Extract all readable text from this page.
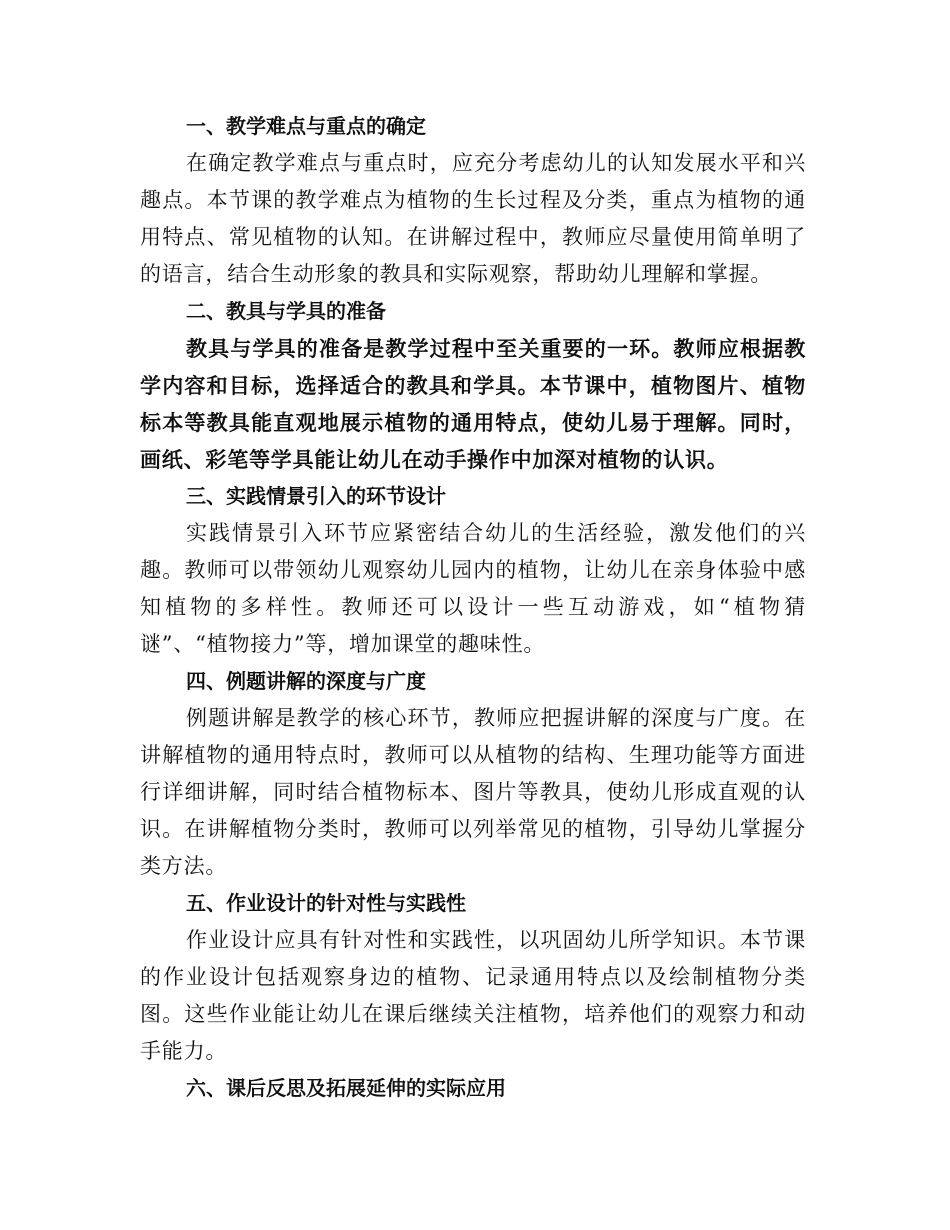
一、教学难点与重点的确定

在确定教学难点与重点时，应充分考虑幼儿的认知发展水平和兴趣点。本节课的教学难点为植物的生长过程及分类，重点为植物的通用特点、常见植物的认知。在讲解过程中，教师应尽量使用简单明了的语言，结合生动形象的教具和实际观察，帮助幼儿理解和掌握。

二、教具与学具的准备

教具与学具的准备是教学过程中至关重要的一环。教师应根据教学内容和目标，选择适合的教具和学具。本节课中，植物图片、植物标本等教具能直观地展示植物的通用特点，使幼儿易于理解。同时，画纸、彩笔等学具能让幼儿在动手操作中加深对植物的认识。

三、实践情景引入的环节设计

实践情景引入环节应紧密结合幼儿的生活经验，激发他们的兴趣。教师可以带领幼儿观察幼儿园内的植物，让幼儿在亲身体验中感知植物的多样性。教师还可以设计一些互动游戏，如“植物猜谜”、“植物接力”等，增加课堂的趣味性。

四、例题讲解的深度与广度

例题讲解是教学的核心环节，教师应把握讲解的深度与广度。在讲解植物的通用特点时，教师可以从植物的结构、生理功能等方面进行详细讲解，同时结合植物标本、图片等教具，使幼儿形成直观的认识。在讲解植物分类时，教师可以列举常见的植物，引导幼儿掌握分类方法。

五、作业设计的针对性与实践性

作业设计应具有针对性和实践性，以巩固幼儿所学知识。本节课的作业设计包括观察身边的植物、记录通用特点以及绘制植物分类图。这些作业能让幼儿在课后继续关注植物，培养他们的观察力和动手能力。

六、课后反思及拓展延伸的实际应用
